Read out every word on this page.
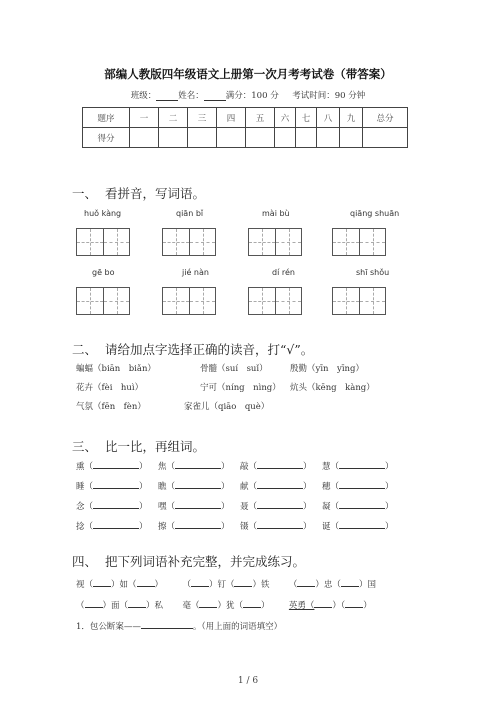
部编人教版四年级语文上册第一次月考考试卷（带答案）
班级：	姓名：	满分：100 分 考试时间：90 分钟
题序	一	二	三	四	五	六	七	八	九	总分
得分										
一、 看拼音，写词语。
huǒ kàng	qiān bǐ	mài bù	qiāng shuān
gē bo	jié nàn	dí rén	shī shǒu
二、 请给加点字选择正确的读音，打“√”。
蝙蝠（biān　biǎn）	骨髓（suí　suǐ）	殷勤（yīn　yīng）
花卉（fèi　huì）	宁可（níng　nìng） 炕头（kēng　kàng）
气氛（fēn　fèn）	家雀儿（qiāo　què）
三、 比一比，再组词。
熏（	） 焦（	） 敲（	） 慧（	）
睡（	） 瞧（	） 献（	） 穗（	）
念（	） 嘿（	） 聂（	） 凝（	）
捻（	） 擦（	） 镊（	） 诞（	）
四、 把下列词语补充完整，并完成练习。
视（ ）如（ ） （ ）钉（ ）铁 （ ）忠（ ）国
（ ）面（ ）私 毫（ ）犹（ ） 英勇（ ）（ ）
1．包公断案——	。（用上面的词语填空）
1 / 6
